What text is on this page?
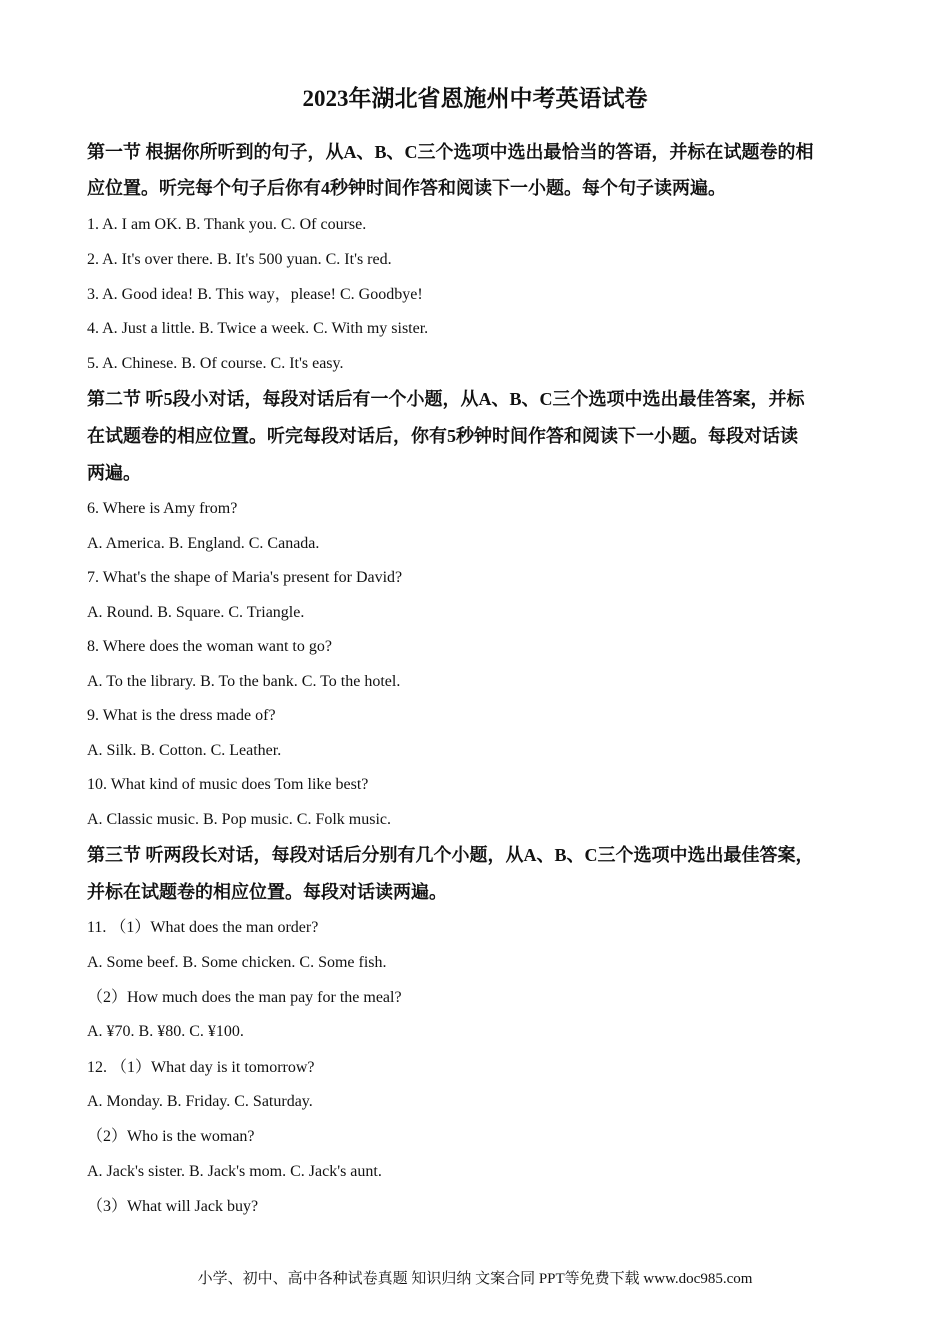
2023年湖北省恩施州中考英语试卷
第一节 根据你所听到的句子，从A、B、C三个选项中选出最恰当的答语，并标在试题卷的相
应位置。听完每个句子后你有4秒钟时间作答和阅读下一小题。每个句子读两遍。
1. A. I am OK. B. Thank you. C. Of course.
2. A. It's over there. B. It's 500 yuan. C. It's red.
3. A. Good idea! B. This way，please! C. Goodbye!
4. A. Just a little. B. Twice a week. C. With my sister.
5. A. Chinese. B. Of course. C. It's easy.
第二节 听5段小对话，每段对话后有一个小题，从A、B、C三个选项中选出最佳答案，并标
在试题卷的相应位置。听完每段对话后，你有5秒钟时间作答和阅读下一小题。每段对话读
两遍。
6. Where is Amy from?
A. America. B. England. C. Canada.
7. What's the shape of Maria's present for David?
A. Round. B. Square. C. Triangle.
8. Where does the woman want to go?
A. To the library. B. To the bank. C. To the hotel.
9. What is the dress made of?
A. Silk. B. Cotton. C. Leather.
10. What kind of music does Tom like best?
A. Classic music. B. Pop music. C. Folk music.
第三节 听两段长对话，每段对话后分别有几个小题，从A、B、C三个选项中选出最佳答案，
并标在试题卷的相应位置。每段对话读两遍。
11. （1）What does the man order?
A. Some beef. B. Some chicken. C. Some fish.
（2）How much does the man pay for the meal?
A. ¥70. B. ¥80. C. ¥100.
12. （1）What day is it tomorrow?
A. Monday. B. Friday. C. Saturday.
（2）Who is the woman?
A. Jack's sister. B. Jack's mom. C. Jack's aunt.
（3）What will Jack buy?
小学、初中、高中各种试卷真题 知识归纳 文案合同 PPT等免费下载 www.doc985.com
